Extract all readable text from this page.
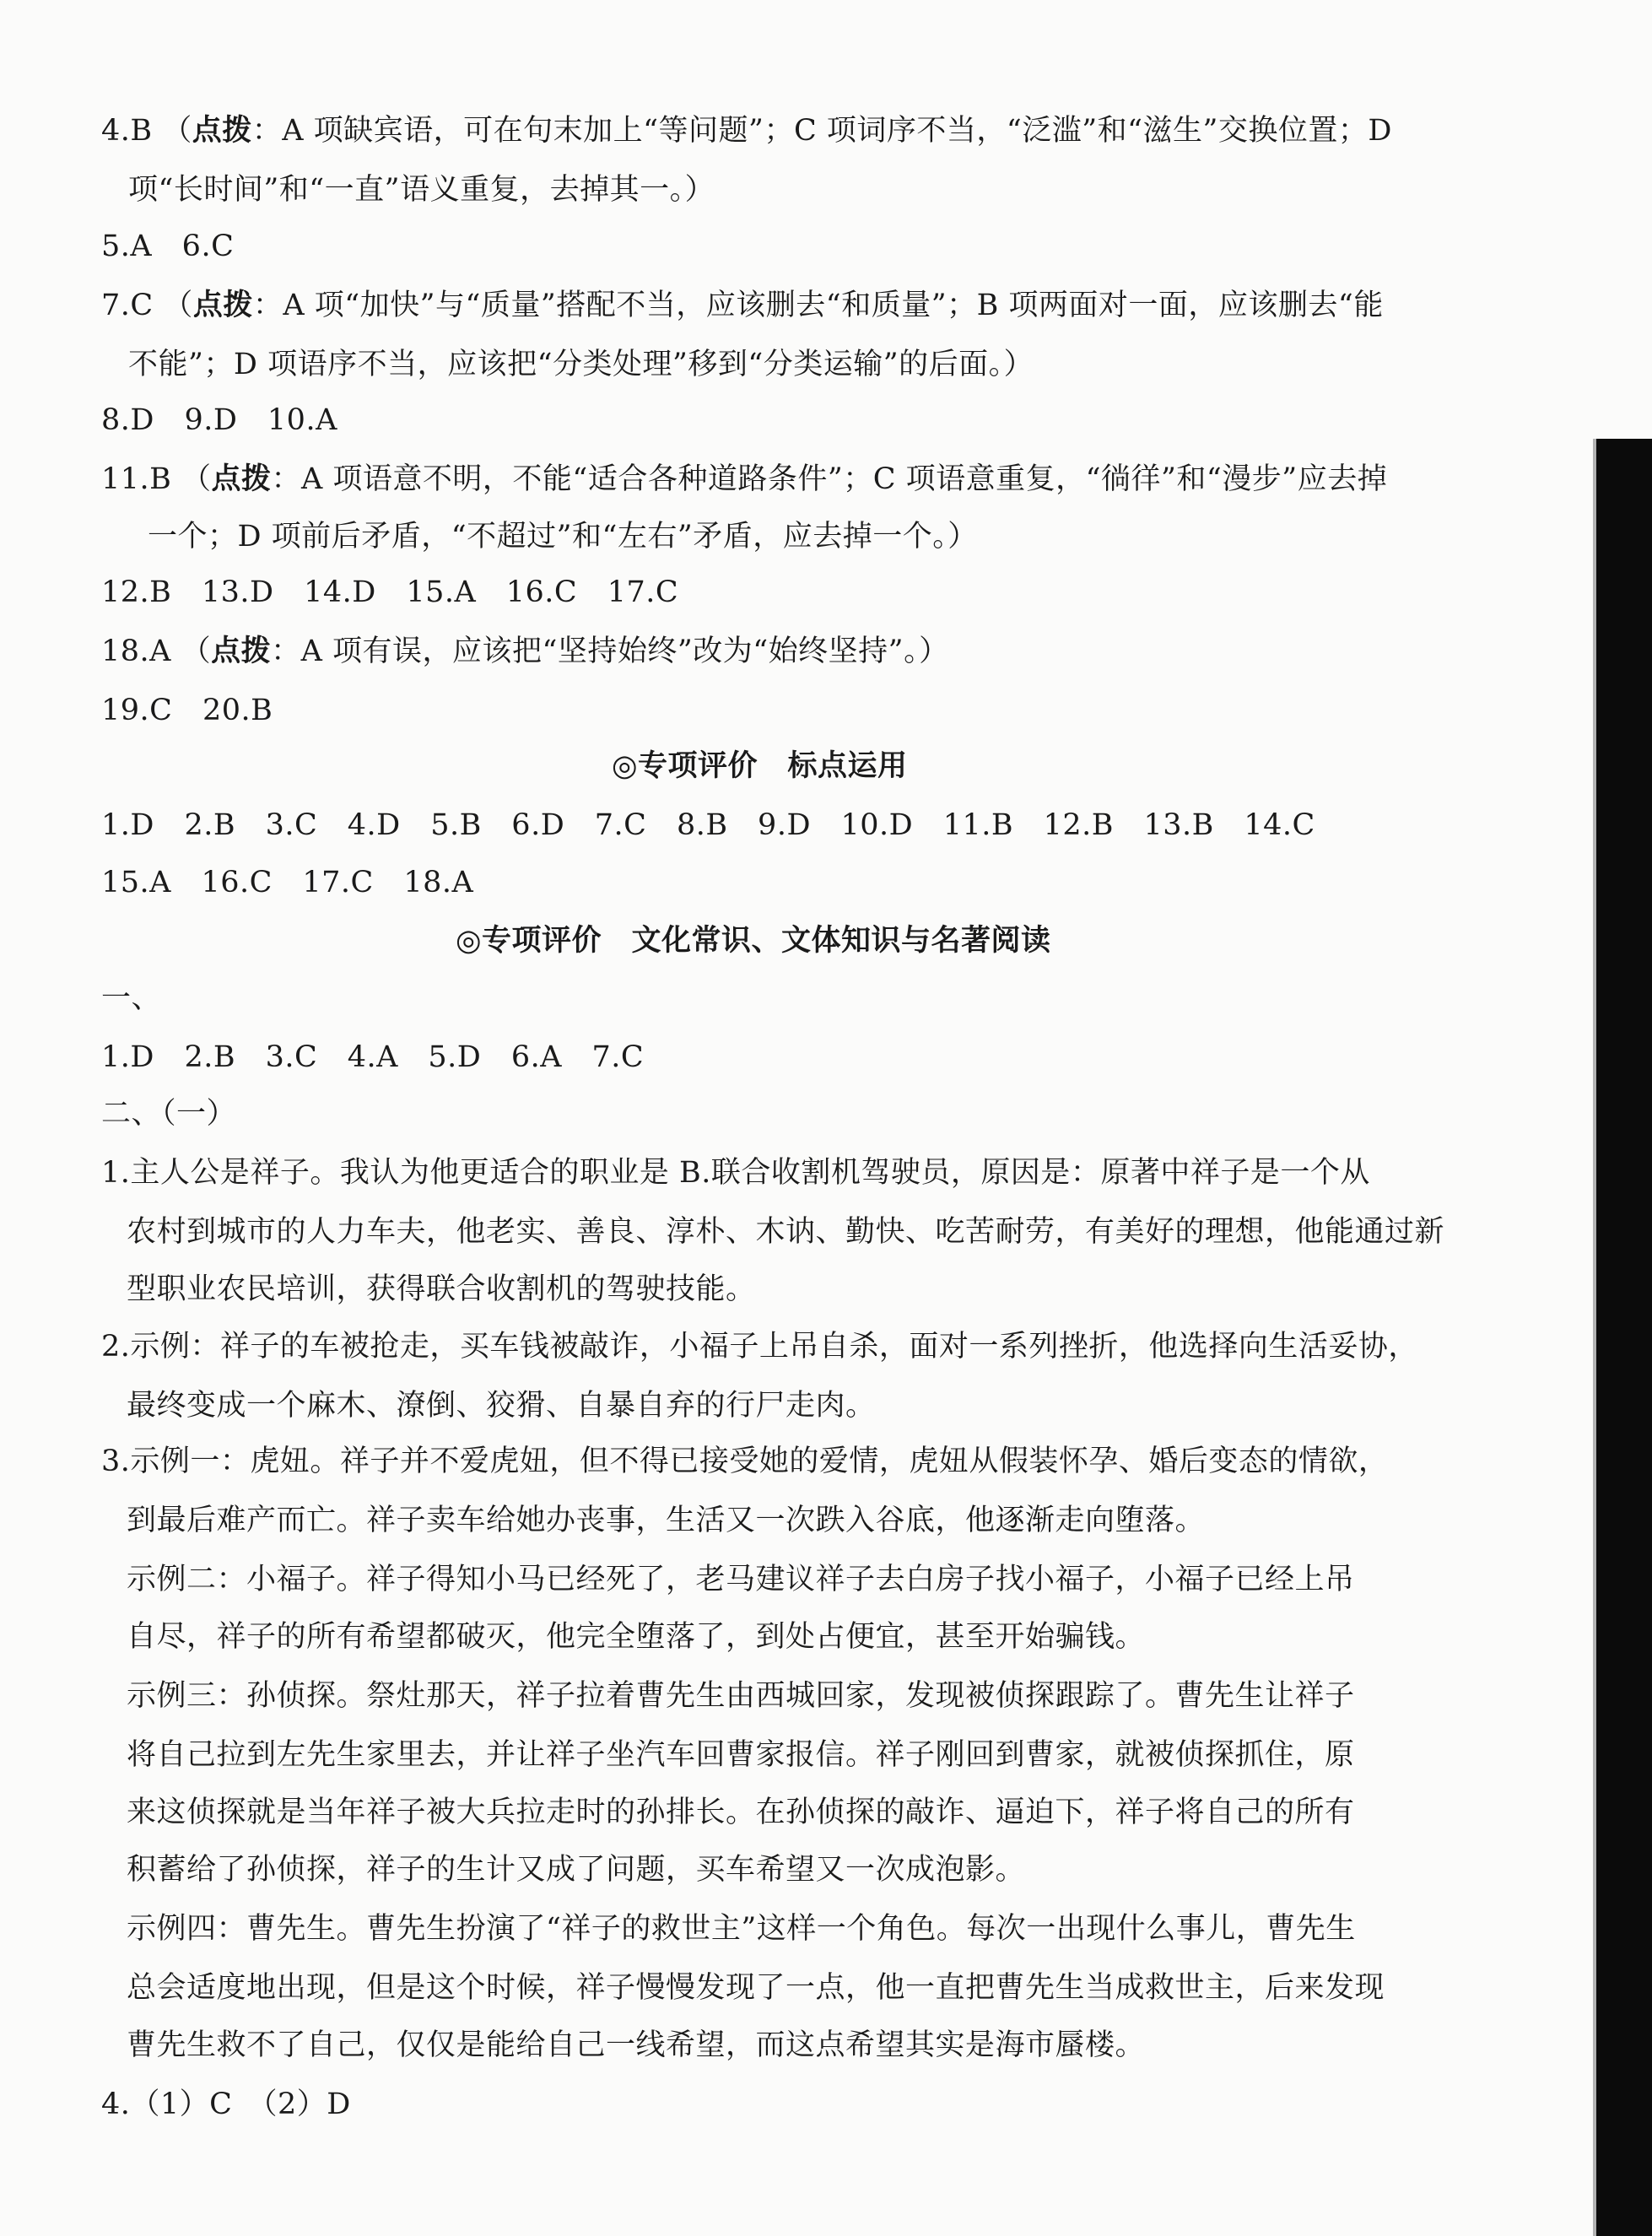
4.B （点拨：A 项缺宾语，可在句末加上“等问题”；C 项词序不当，“泛滥”和“滋生”交换位置；D
项“长时间”和“一直”语义重复，去掉其一。）
5.A　6.C
7.C （点拨：A 项“加快”与“质量”搭配不当，应该删去“和质量”；B 项两面对一面，应该删去“能
不能”；D 项语序不当，应该把“分类处理”移到“分类运输”的后面。）
8.D　9.D　10.A
11.B （点拨：A 项语意不明，不能“适合各种道路条件”；C 项语意重复，“徜徉”和“漫步”应去掉
一个；D 项前后矛盾，“不超过”和“左右”矛盾，应去掉一个。）
12.B　13.D　14.D　15.A　16.C　17.C
18.A （点拨：A 项有误，应该把“坚持始终”改为“始终坚持”。）
19.C　20.B
◎专项评价　标点运用
1.D　2.B　3.C　4.D　5.B　6.D　7.C　8.B　9.D　10.D　11.B　12.B　13.B　14.C
15.A　16.C　17.C　18.A
◎专项评价　文化常识、文体知识与名著阅读
一、
1.D　2.B　3.C　4.A　5.D　6.A　7.C
二、（一）
1.主人公是祥子。我认为他更适合的职业是 B.联合收割机驾驶员，原因是：原著中祥子是一个从
农村到城市的人力车夫，他老实、善良、淳朴、木讷、勤快、吃苦耐劳，有美好的理想，他能通过新
型职业农民培训，获得联合收割机的驾驶技能。
2.示例：祥子的车被抢走，买车钱被敲诈，小福子上吊自杀，面对一系列挫折，他选择向生活妥协，
最终变成一个麻木、潦倒、狡猾、自暴自弃的行尸走肉。
3.示例一：虎妞。祥子并不爱虎妞，但不得已接受她的爱情，虎妞从假装怀孕、婚后变态的情欲，
到最后难产而亡。祥子卖车给她办丧事，生活又一次跌入谷底，他逐渐走向堕落。
示例二：小福子。祥子得知小马已经死了，老马建议祥子去白房子找小福子，小福子已经上吊
自尽，祥子的所有希望都破灭，他完全堕落了，到处占便宜，甚至开始骗钱。
示例三：孙侦探。祭灶那天，祥子拉着曹先生由西城回家，发现被侦探跟踪了。曹先生让祥子
将自己拉到左先生家里去，并让祥子坐汽车回曹家报信。祥子刚回到曹家，就被侦探抓住，原
来这侦探就是当年祥子被大兵拉走时的孙排长。在孙侦探的敲诈、逼迫下，祥子将自己的所有
积蓄给了孙侦探，祥子的生计又成了问题，买车希望又一次成泡影。
示例四：曹先生。曹先生扮演了“祥子的救世主”这样一个角色。每次一出现什么事儿，曹先生
总会适度地出现，但是这个时候，祥子慢慢发现了一点，他一直把曹先生当成救世主，后来发现
曹先生救不了自己，仅仅是能给自己一线希望，而这点希望其实是海市蜃楼。
4.（1）C　（2）D
